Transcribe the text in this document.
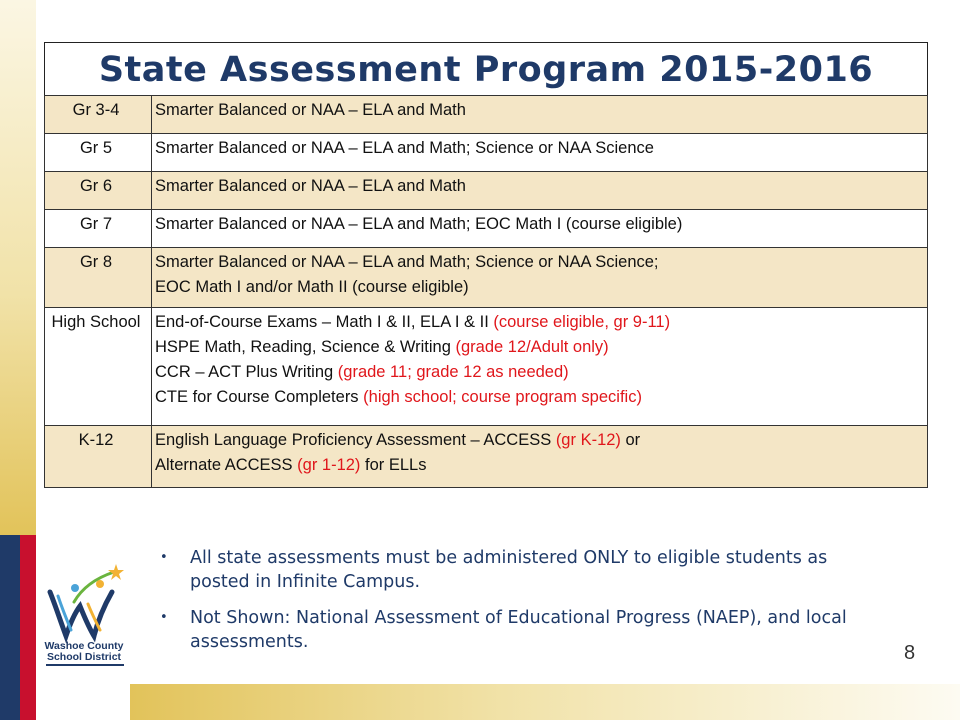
State Assessment Program 2015-2016
Gr 3-4	Smarter Balanced or NAA – ELA and Math

Gr 5	Smarter Balanced or NAA – ELA and Math; Science or NAA Science

Gr 6	Smarter Balanced or NAA – ELA and Math

Gr 7	Smarter Balanced or NAA – ELA and Math; EOC Math I (course eligible)

Gr 8	Smarter Balanced or NAA – ELA and Math; Science or NAA Science;
EOC Math I and/or Math II (course eligible)

High School	End-of-Course Exams – Math I & II, ELA I & II (course eligible, gr 9-11)
HSPE Math, Reading, Science & Writing (grade 12/Adult only)
CCR – ACT Plus Writing (grade 11; grade 12 as needed)
CTE for Course Completers (high school; course program specific)

K-12	English Language Proficiency Assessment – ACCESS (gr K-12) or
Alternate ACCESS (gr 1-12) for ELLs
• All state assessments must be administered ONLY to eligible students as posted in Infinite Campus.
• Not Shown: National Assessment of Educational Progress (NAEP), and local assessments.	8
Washoe County
School District
